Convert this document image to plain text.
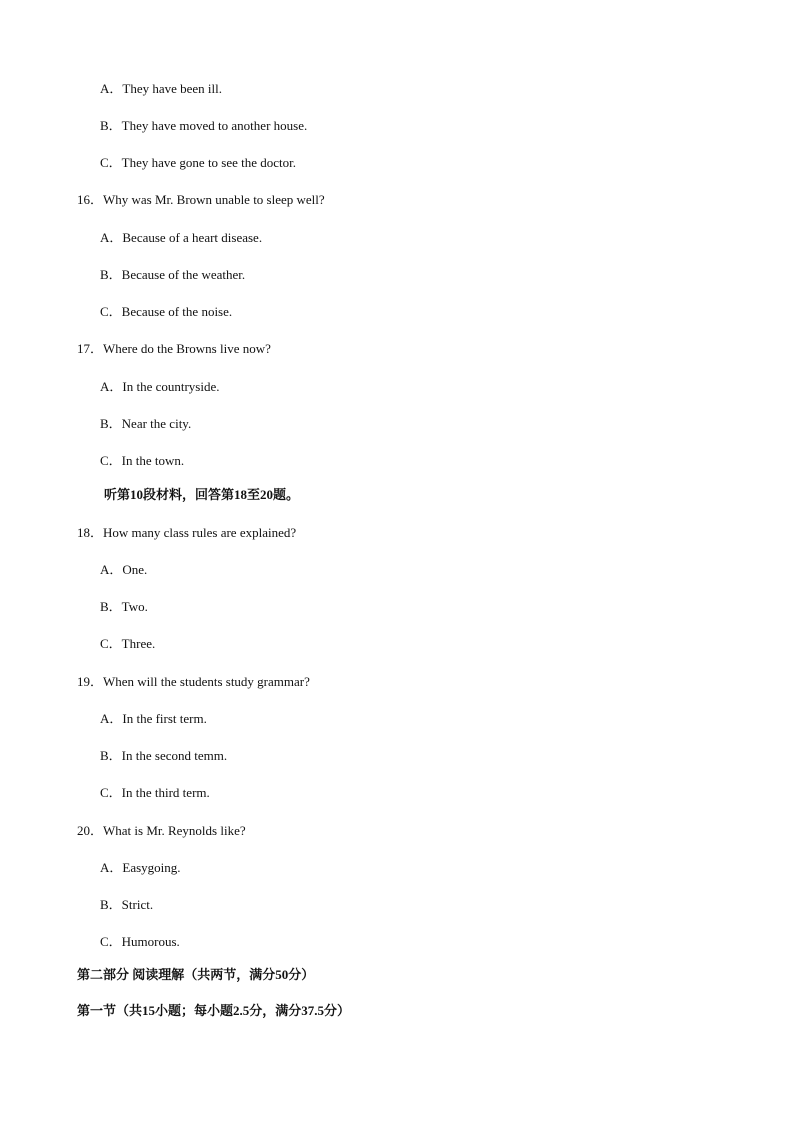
A．They have been ill.
B．They have moved to another house.
C．They have gone to see the doctor.
16．Why was Mr. Brown unable to sleep well?
A．Because of a heart disease.
B．Because of the weather.
C．Because of the noise.
17．Where do the Browns live now?
A．In the countryside.
B．Near the city.
C．In the town.
听第10段材料，回答第18至20题。
18．How many class rules are explained?
A．One.
B．Two.
C．Three.
19．When will the students study grammar?
A．In the first term.
B．In the second temm.
C．In the third term.
20．What is Mr. Reynolds like?
A．Easygoing.
B．Strict.
C．Humorous.
第二部分 阅读理解（共两节，满分50分）
第一节（共15小题；每小题2.5分，满分37.5分）
